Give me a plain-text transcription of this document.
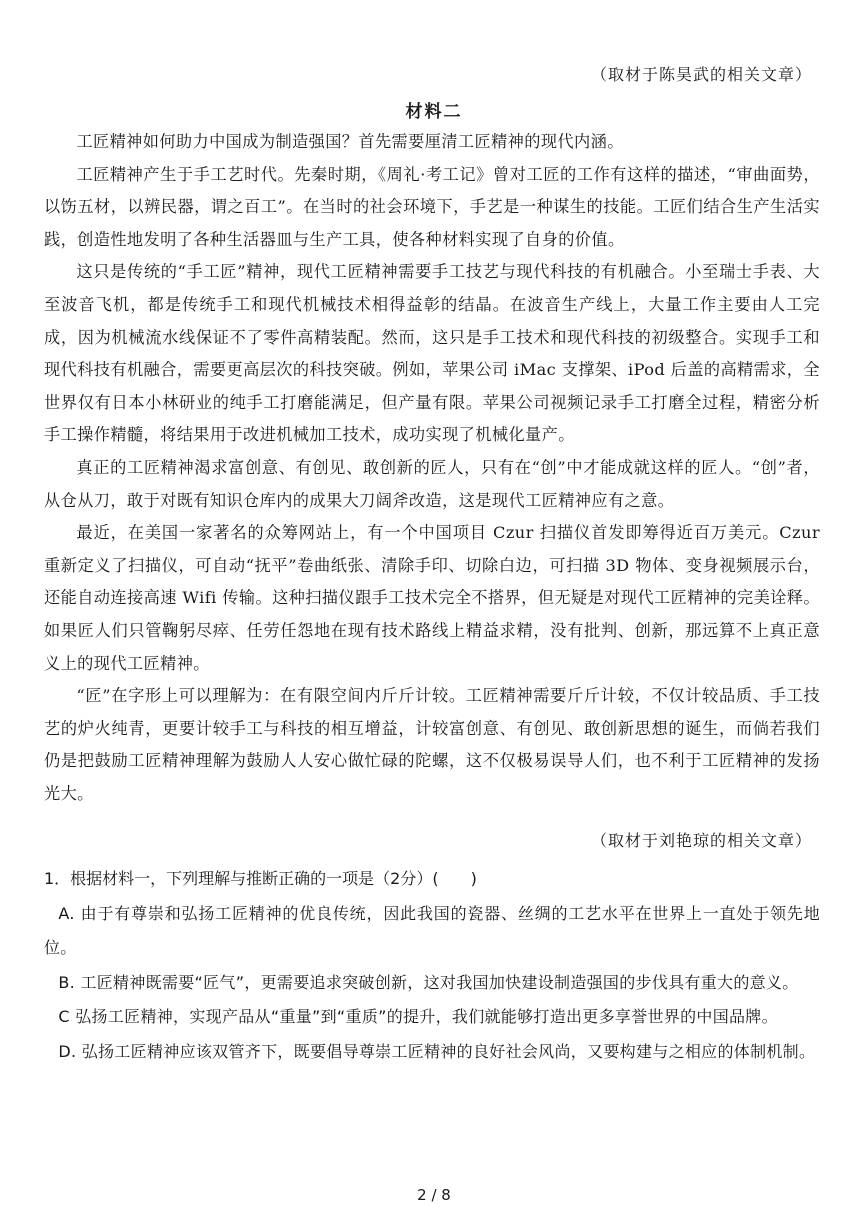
（取材于陈昊武的相关文章）
材料二

工匠精神如何助力中国成为制造强国？首先需要厘清工匠精神的现代内涵。

工匠精神产生于手工艺时代。先秦时期，《周礼·考工记》曾对工匠的工作有这样的描述，“审曲面势，以饬五材，以辨民器，谓之百工”。在当时的社会环境下，手艺是一种谋生的技能。工匠们结合生产生活实践，创造性地发明了各种生活器皿与生产工具，使各种材料实现了自身的价值。

这只是传统的“手工匠”精神，现代工匠精神需要手工技艺与现代科技的有机融合。小至瑞士手表、大至波音飞机，都是传统手工和现代机械技术相得益彰的结晶。在波音生产线上，大量工作主要由人工完成，因为机械流水线保证不了零件高精装配。然而，这只是手工技术和现代科技的初级整合。实现手工和现代科技有机融合，需要更高层次的科技突破。例如，苹果公司 iMac 支撑架、iPod 后盖的高精需求，全世界仅有日本小林研业的纯手工打磨能满足，但产量有限。苹果公司视频记录手工打磨全过程，精密分析手工操作精髓，将结果用于改进机械加工技术，成功实现了机械化量产。

真正的工匠精神渴求富创意、有创见、敢创新的匠人，只有在“创”中才能成就这样的匠人。“创”者，从仓从刀，敢于对既有知识仓库内的成果大刀阔斧改造，这是现代工匠精神应有之意。

最近，在美国一家著名的众筹网站上，有一个中国项目 Czur 扫描仪首发即筹得近百万美元。Czur 重新定义了扫描仪，可自动“抚平”卷曲纸张、清除手印、切除白边，可扫描 3D 物体、变身视频展示台，还能自动连接高速 Wifi 传输。这种扫描仪跟手工技术完全不搭界，但无疑是对现代工匠精神的完美诠释。如果匠人们只管鞠躬尽瘁、任劳任怨地在现有技术路线上精益求精，没有批判、创新，那远算不上真正意义上的现代工匠精神。

“匠”在字形上可以理解为：在有限空间内斤斤计较。工匠精神需要斤斤计较，不仅计较品质、手工技艺的炉火纯青，更要计较手工与科技的相互增益，计较富创意、有创见、敢创新思想的诞生，而倘若我们仍是把鼓励工匠精神理解为鼓励人人安心做忙碌的陀螺，这不仅极易误导人们，也不利于工匠精神的发扬光大。

（取材于刘艳琼的相关文章）

1．根据材料一，下列理解与推断正确的一项是（2分）(　　)

A. 由于有尊崇和弘扬工匠精神的优良传统，因此我国的瓷器、丝绸的工艺水平在世界上一直处于领先地位。

B. 工匠精神既需要“匠气”，更需要追求突破创新，这对我国加快建设制造强国的步伐具有重大的意义。

C 弘扬工匠精神，实现产品从“重量”到“重质”的提升，我们就能够打造出更多享誉世界的中国品牌。

D. 弘扬工匠精神应该双管齐下，既要倡导尊崇工匠精神的良好社会风尚，又要构建与之相应的体制机制。

2 / 8
